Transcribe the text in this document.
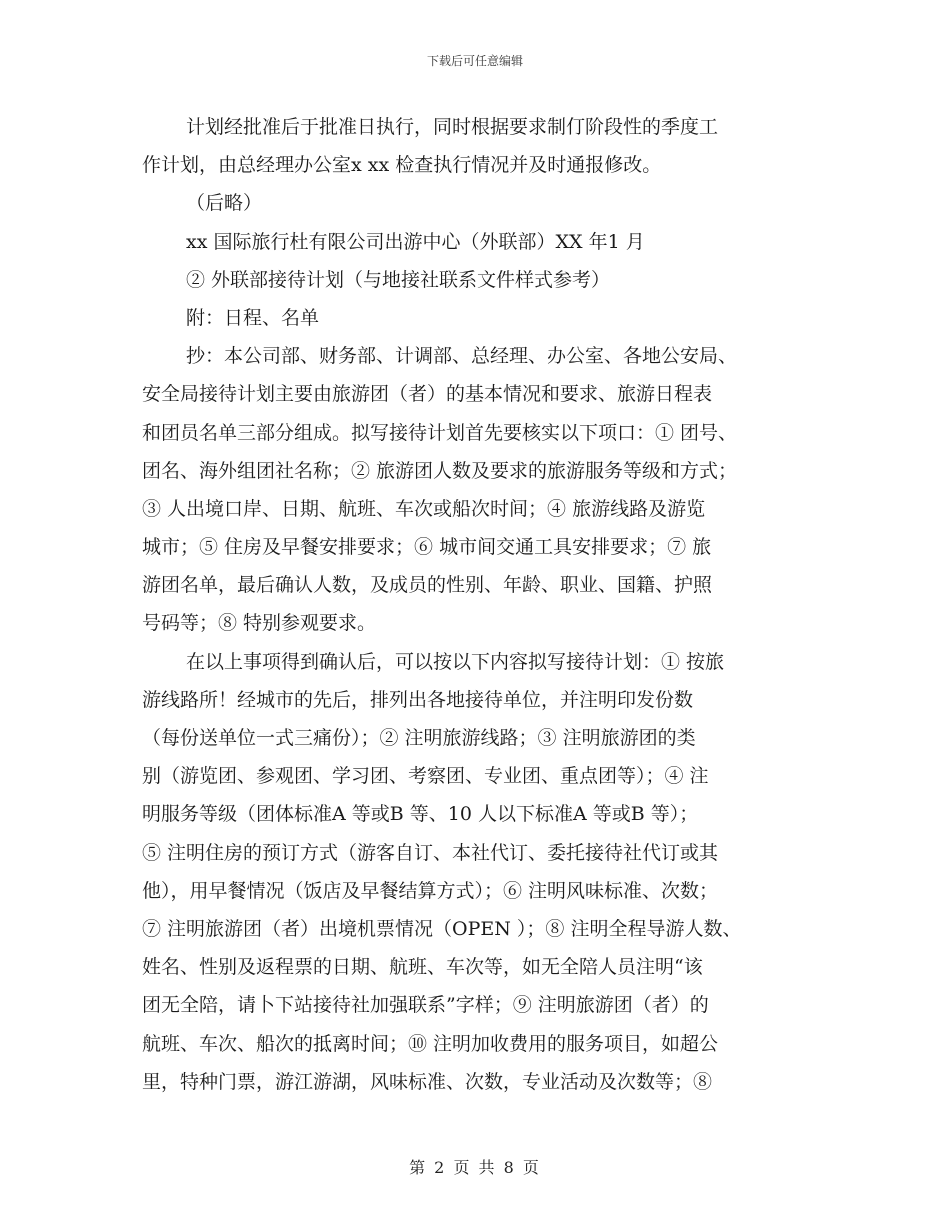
下载后可任意编辑
计划经批准后于批准日执行，同时根据要求制仃阶段性的季度工
作计划，由总经理办公室x xx 检查执行情况并及时通报修改。
（后略）
xx 国际旅行杜有限公司出游中心（外联部）XX 年1 月
② 外联部接待计划（与地接社联系文件样式参考）
附：日程、名单
抄：本公司部、财务部、计调部、总经理、办公室、各地公安局、
安全局接待计划主要由旅游团（者）的基本情况和要求、旅游日程表
和团员名单三部分组成。拟写接待计划首先要核实以下项口：① 团号、
团名、海外组团社名称；② 旅游团人数及要求的旅游服务等级和方式；
③ 人出境口岸、日期、航班、车次或船次时间；④ 旅游线路及游览
城市；⑤ 住房及早餐安排要求；⑥ 城市间交通工具安排要求；⑦ 旅
游团名单，最后确认人数，及成员的性别、年龄、职业、国籍、护照
号码等；⑧ 特别参观要求。
在以上事项得到确认后，可以按以下内容拟写接待计划：① 按旅
游线路所！经城市的先后，排列出各地接待单位，并注明印发份数
（每份送单位一式三痛份）；② 注明旅游线路；③ 注明旅游团的类
别（游览团、参观团、学习团、考察团、专业团、重点团等）；④ 注
明服务等级（团体标准A 等或B 等、10 人以下标准A 等或B 等）；
⑤ 注明住房的预订方式（游客自订、本社代订、委托接待社代订或其
他），用早餐情况（饭店及早餐结算方式）；⑥ 注明风味标准、次数；
⑦ 注明旅游团（者）出境机票情况（OPEN ）；⑧ 注明全程导游人数、
姓名、性别及返程票的日期、航班、车次等，如无全陪人员注明“该
团无全陪，请卜下站接待社加强联系”字样；⑨ 注明旅游团（者）的
航班、车次、船次的抵离时间；⑩ 注明加收费用的服务项目，如超公
里，特种门票，游江游湖，风味标准、次数，专业活动及次数等；⑧
第 2 页 共 8 页
